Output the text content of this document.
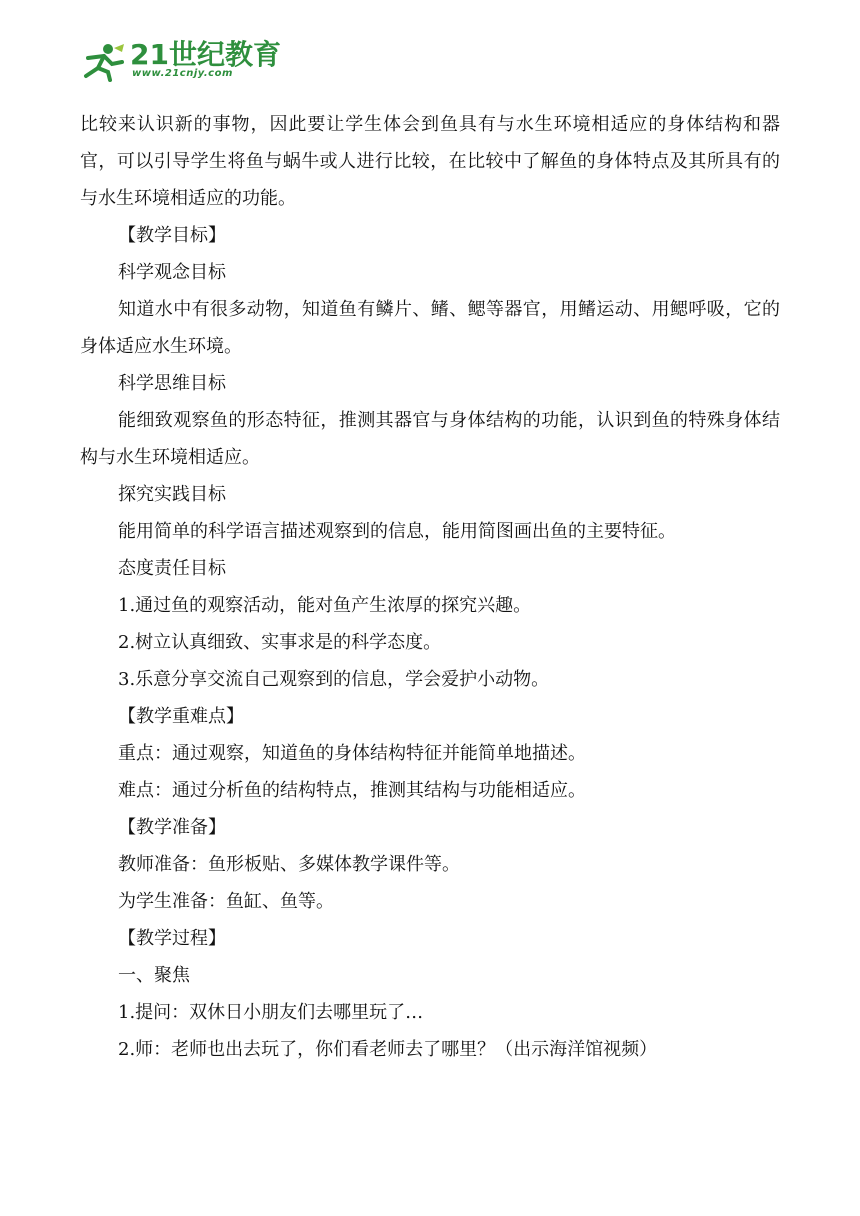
21世纪教育
www.21cnjy.com

比较来认识新的事物，因此要让学生体会到鱼具有与水生环境相适应的身体结构和器官，可以引导学生将鱼与蜗牛或人进行比较，在比较中了解鱼的身体特点及其所具有的与水生环境相适应的功能。

【教学目标】

科学观念目标

知道水中有很多动物，知道鱼有鳞片、鳍、鳃等器官，用鳍运动、用鳃呼吸，它的身体适应水生环境。

科学思维目标

能细致观察鱼的形态特征，推测其器官与身体结构的功能，认识到鱼的特殊身体结构与水生环境相适应。

探究实践目标

能用简单的科学语言描述观察到的信息，能用简图画出鱼的主要特征。

态度责任目标

1.通过鱼的观察活动，能对鱼产生浓厚的探究兴趣。

2.树立认真细致、实事求是的科学态度。

3.乐意分享交流自己观察到的信息，学会爱护小动物。

【教学重难点】

重点：通过观察，知道鱼的身体结构特征并能简单地描述。

难点：通过分析鱼的结构特点，推测其结构与功能相适应。

【教学准备】

教师准备：鱼形板贴、多媒体教学课件等。

为学生准备：鱼缸、鱼等。

【教学过程】

一、聚焦

1.提问：双休日小朋友们去哪里玩了…

2.师：老师也出去玩了，你们看老师去了哪里？（出示海洋馆视频）
